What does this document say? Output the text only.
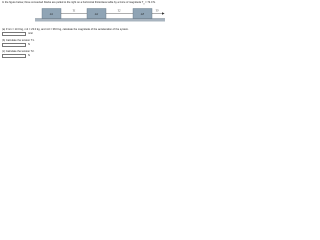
In the figure below, three connected blocks are pulled to the right on a horizontal frictionless table by a force of magnitude $T_3 = 72.0$ N.
m1
T1
m2
T2
m3
T3
(a) If m1 = 13.0 kg, m2 = 23.0 kg, and m3 = 38.0 kg, calculate the magnitude of the acceleration of the system.
m/s²
(b) Calculate the tension T1.
N
(c) Calculate the tension T2.
N
